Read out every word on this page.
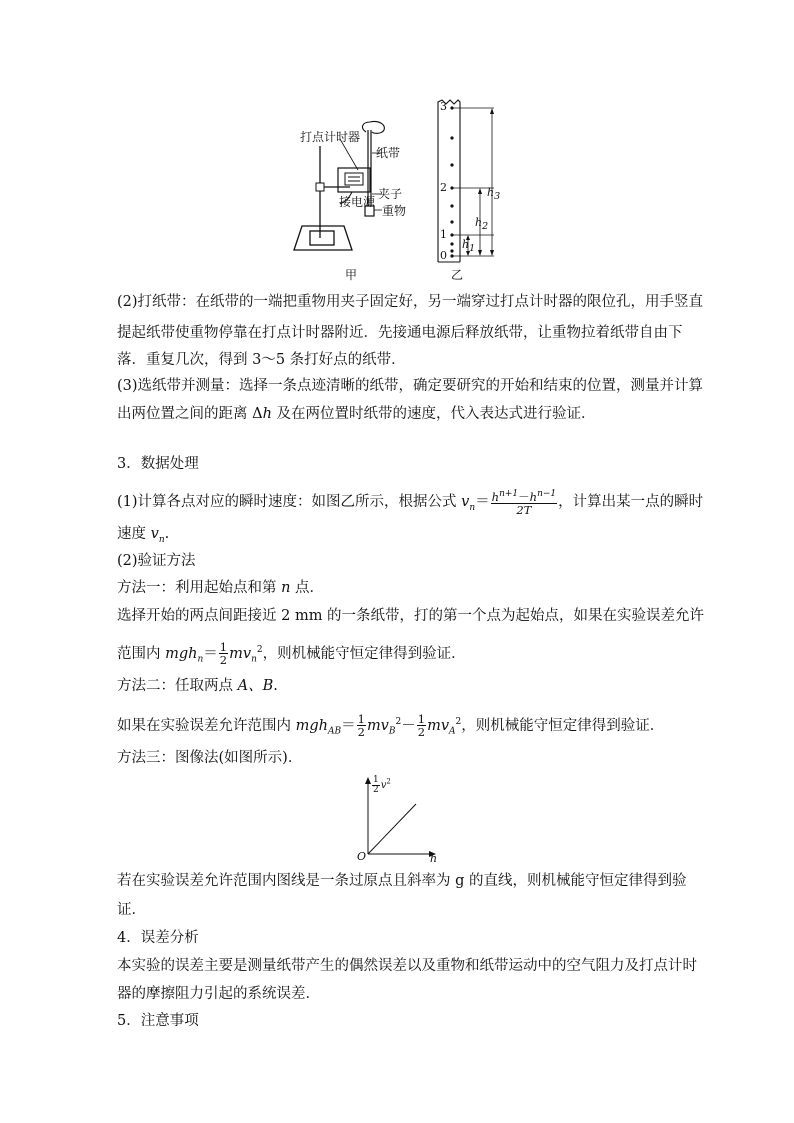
打点计时器
纸带
夹子
接电源
重物
甲
3
2
1
0
$h_3$
$h_2$
$h_1$
乙
(2)打纸带：在纸带的一端把重物用夹子固定好，另一端穿过打点计时器的限位孔，用手竖直
提起纸带使重物停靠在打点计时器附近．先接通电源后释放纸带，让重物拉着纸带自由下
落．重复几次，得到 3～5 条打好点的纸带．
(3)选纸带并测量：选择一条点迹清晰的纸带，确定要研究的开始和结束的位置，测量并计算
出两位置之间的距离 Δh 及在两位置时纸带的速度，代入表达式进行验证．
3．数据处理
(1)计算各点对应的瞬时速度：如图乙所示，根据公式 $v_n= \frac{h^{n+1}-h^{n-1}}{2T}$ ，计算出某一点的瞬时
速度 $v_n$.
(2)验证方法
方法一：利用起始点和第 n 点．
选择开始的两点间距接近 2 mm 的一条纸带，打的第一个点为起始点，如果在实验误差允许
范围内 $mgh_n= \frac{1}{2} mv_n^2$，则机械能守恒定律得到验证．
方法二：任取两点 A、B.
如果在实验误差允许范围内 $mgh_{AB}= \frac{1}{2} mv_B^2- \frac{1}{2} mv_A^2$，则机械能守恒定律得到验证．
方法三：图像法(如图所示)．
$\frac{1}{2} v^2$
O	h
若在实验误差允许范围内图线是一条过原点且斜率为 g 的直线，则机械能守恒定律得到验
证．
4．误差分析
本实验的误差主要是测量纸带产生的偶然误差以及重物和纸带运动中的空气阻力及打点计时
器的摩擦阻力引起的系统误差．
5．注意事项
